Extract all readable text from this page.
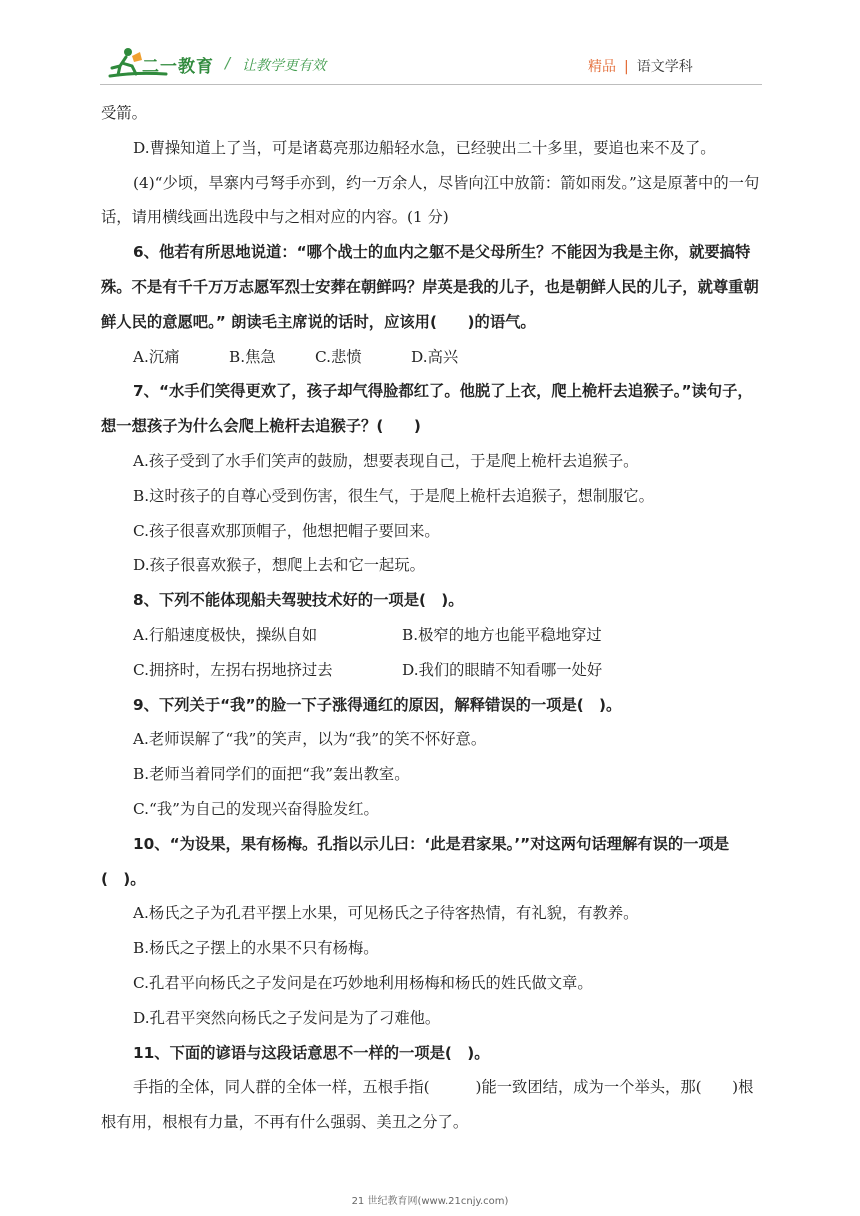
二一教育 / 让教学更有效	精品 | 语文学科

受箭。

D.曹操知道上了当，可是诸葛亮那边船轻水急，已经驶出二十多里，要追也来不及了。

(4)“少顷，旱寨内弓弩手亦到，约一万余人，尽皆向江中放箭：箭如雨发。”这是原著中的一句话，请用横线画出选段中与之相对应的内容。(1 分)

6、他若有所思地说道：“哪个战士的血内之躯不是父母所生？不能因为我是主你，就要搞特殊。不是有千千万万志愿军烈士安葬在朝鲜吗？岸英是我的儿子，也是朝鲜人民的儿子，就尊重朝鲜人民的意愿吧。” 朗读毛主席说的话时，应该用(　　)的语气。

A.沉痛	B.焦急	C.悲愤	D.高兴

7、“水手们笑得更欢了，孩子却气得脸都红了。他脱了上衣，爬上桅杆去追猴子。”读句子，想一想孩子为什么会爬上桅杆去追猴子？(　　)

A.孩子受到了水手们笑声的鼓励，想要表现自己，于是爬上桅杆去追猴子。

B.这时孩子的自尊心受到伤害，很生气，于是爬上桅杆去追猴子，想制服它。

C.孩子很喜欢那顶帽子，他想把帽子要回来。

D.孩子很喜欢猴子，想爬上去和它一起玩。

8、下列不能体现船夫驾驶技术好的一项是(　)。

A.行船速度极快，操纵自如	B.极窄的地方也能平稳地穿过
C.拥挤时，左拐右拐地挤过去	D.我们的眼睛不知看哪一处好

9、下列关于“我”的脸一下子涨得通红的原因，解释错误的一项是(　)。

A.老师误解了“我”的笑声，以为“我”的笑不怀好意。

B.老师当着同学们的面把“我”轰出教室。

C.“我”为自己的发现兴奋得脸发红。

10、“为设果，果有杨梅。孔指以示儿曰：‘此是君家果。’”对这两句话理解有误的一项是(　)。

A.杨氏之子为孔君平摆上水果，可见杨氏之子待客热情，有礼貌，有教养。

B.杨氏之子摆上的水果不只有杨梅。

C.孔君平向杨氏之子发问是在巧妙地利用杨梅和杨氏的姓氏做文章。

D.孔君平突然向杨氏之子发问是为了刁难他。

11、下面的谚语与这段话意思不一样的一项是(　)。

手指的全体，同人群的全体一样，五根手指(　　　)能一致团结，成为一个举头，那(　　)根根有用，根根有力量，不再有什么强弱、美丑之分了。

21 世纪教育网(www.21cnjy.com)
